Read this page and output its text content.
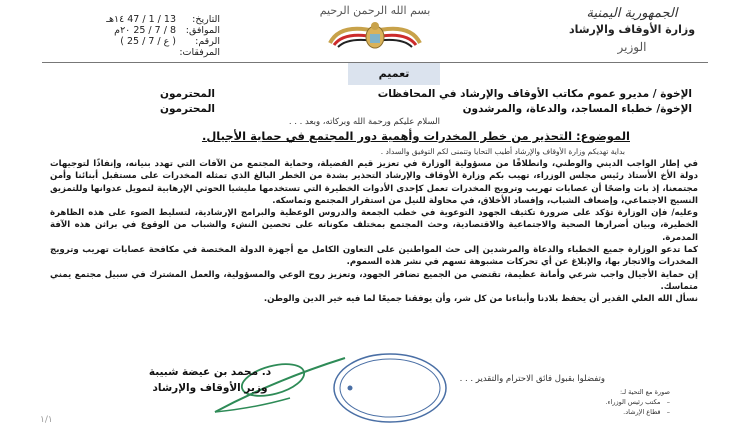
الجمهورية اليمنية
وزارة الأوقاف والإرشاد
الوزير
بسم الله الرحمن الرحيم
التاريخ:
13 / 1 / 47 ١٤هـ
الموافق:
8 / 7 / 25 ٢٠م
الرقم:
( ع / 7 / 25 )
المرفقات:
تعميم
الإخوة / مديرو عموم مكاتب الأوقاف والإرشاد في المحافظات
المحترمون
الإخوة/ خطباء المساجد، والدعاة، والمرشدون
المحترمون
السلام عليكم ورحمة الله وبركاته، وبعد . . .
الموضوع: التحذير من خطر المخدرات وأهمية دور المجتمع في حماية الأجيال.
بداية تهديكم وزارة الأوقاف والإرشاد أطيب التحايا وتتمنى لكم التوفيق والسداد .

في إطار الواجب الديني والوطني، وانطلاقًا من مسؤولية الوزارة في تعزيز قيم الفضيلة، وحماية المجتمع من الآفات التي تهدد بنيانه، وإنفاذًا لتوجيهات دولة الأخ الأستاذ رئيس مجلس الوزراء، تهيب بكم وزارة الأوقاف والإرشاد التحذير بشدة من الخطر البالغ الذي تمثله المخدرات على مستقبل أبنائنا وأمن مجتمعنا، إذ بات واضحًا أن عصابات تهريب وترويج المخدرات تعمل كإحدى الأدوات الخطيرة التي تستخدمها مليشيا الحوثي الإرهابية لتمويل عدوانها وللتمزيق النسيج الاجتماعي، وإضعاف الشباب، وإفساد الأخلاق، في محاولة للنيل من استقرار المجتمع وتماسكه.

وعليه/ فإن الوزارة تؤكد على ضرورة تكثيف الجهود التوعوية في خطب الجمعة والدروس الوعظية والبرامج الإرشادية، لتسليط الضوء على هذه الظاهرة الخطيرة، وبيان أضرارها الصحية والاجتماعية والاقتصادية، وحث المجتمع بمختلف مكوناته على تحصين النشء والشباب من الوقوع في براثن هذه الآفة المدمرة.

كما تدعو الوزارة جميع الخطباء والدعاة والمرشدين إلى حث المواطنين على التعاون الكامل مع أجهزة الدولة المختصة في مكافحة عصابات تهريب وترويج المخدرات والاتجار بها، والإبلاغ عن أي تحركات مشبوهة تسهم في نشر هذه السموم.

إن حماية الأجيال واجب شرعي وأمانة عظيمة، تقتضي من الجميع تضافر الجهود، وتعزيز روح الوعي والمسؤولية، والعمل المشترك في سبيل مجتمع يمني متماسك.

نسأل الله العلي القدير أن يحفظ بلادنا وأبناءنا من كل شر، وأن يوفقنا جميعًا لما فيه خير الدين والوطن.

وتفضلوا بقبول فائق الاحترام والتقدير . . .
د. محمد بن عيضة شبيبة
وزير الأوقاف والإرشاد	صورة مع التحية لـ:
–   مكتب رئيس الوزراء.
–   قطاع الإرشاد.
١/١
